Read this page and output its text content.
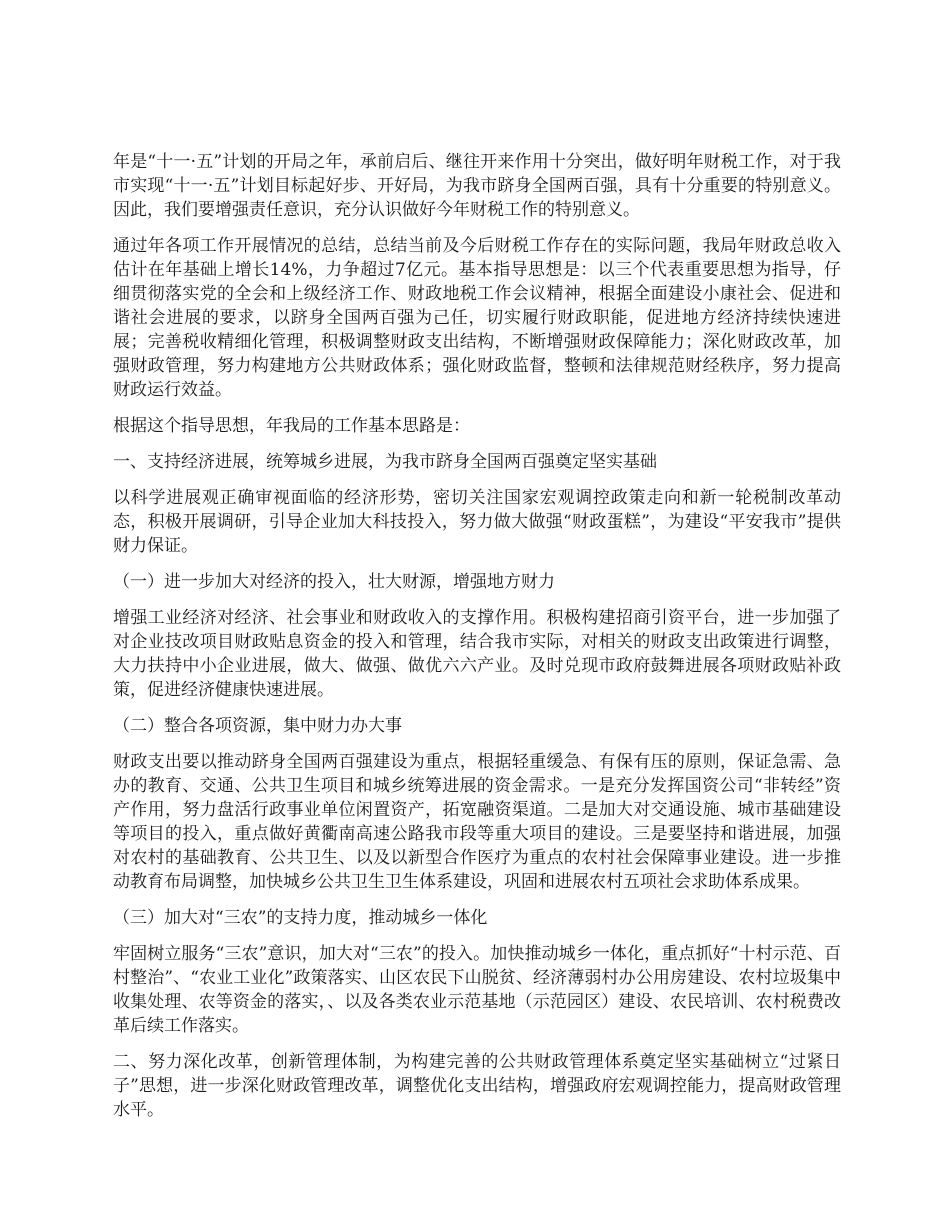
年是“十一·五”计划的开局之年，承前启后、继往开来作用十分突出，做好明年财税工作，对于我市实现“十一·五”计划目标起好步、开好局，为我市跻身全国两百强，具有十分重要的特别意义。因此，我们要增强责任意识，充分认识做好今年财税工作的特别意义。

通过年各项工作开展情况的总结，总结当前及今后财税工作存在的实际问题，我局年财政总收入估计在年基础上增长14%，力争超过7亿元。基本指导思想是：以三个代表重要思想为指导，仔细贯彻落实党的全会和上级经济工作、财政地税工作会议精神，根据全面建设小康社会、促进和谐社会进展的要求，以跻身全国两百强为己任，切实履行财政职能，促进地方经济持续快速进展；完善税收精细化管理，积极调整财政支出结构，不断增强财政保障能力；深化财政改革，加强财政管理，努力构建地方公共财政体系；强化财政监督，整顿和法律规范财经秩序，努力提高财政运行效益。

根据这个指导思想，年我局的工作基本思路是：

一、支持经济进展，统筹城乡进展，为我市跻身全国两百强奠定坚实基础

以科学进展观正确审视面临的经济形势，密切关注国家宏观调控政策走向和新一轮税制改革动态，积极开展调研，引导企业加大科技投入，努力做大做强“财政蛋糕”，为建设“平安我市”提供财力保证。

（一）进一步加大对经济的投入，壮大财源，增强地方财力

增强工业经济对经济、社会事业和财政收入的支撑作用。积极构建招商引资平台，进一步加强了对企业技改项目财政贴息资金的投入和管理，结合我市实际，对相关的财政支出政策进行调整，大力扶持中小企业进展，做大、做强、做优六六产业。及时兑现市政府鼓舞进展各项财政贴补政策，促进经济健康快速进展。

（二）整合各项资源，集中财力办大事

财政支出要以推动跻身全国两百强建设为重点，根据轻重缓急、有保有压的原则，保证急需、急办的教育、交通、公共卫生项目和城乡统筹进展的资金需求。一是充分发挥国资公司“非转经”资产作用，努力盘活行政事业单位闲置资产，拓宽融资渠道。二是加大对交通设施、城市基础建设等项目的投入，重点做好黄衢南高速公路我市段等重大项目的建设。三是要坚持和谐进展，加强对农村的基础教育、公共卫生、以及以新型合作医疗为重点的农村社会保障事业建设。进一步推动教育布局调整，加快城乡公共卫生卫生体系建设，巩固和进展农村五项社会求助体系成果。

（三）加大对“三农”的支持力度，推动城乡一体化

牢固树立服务“三农”意识，加大对“三农”的投入。加快推动城乡一体化，重点抓好“十村示范、百村整治”、“农业工业化”政策落实、山区农民下山脱贫、经济薄弱村办公用房建设、农村垃圾集中收集处理、农等资金的落实，、以及各类农业示范基地（示范园区）建设、农民培训、农村税费改革后续工作落实。

二、努力深化改革，创新管理体制，为构建完善的公共财政管理体系奠定坚实基础树立“过紧日子”思想，进一步深化财政管理改革，调整优化支出结构，增强政府宏观调控能力，提高财政管理水平。
